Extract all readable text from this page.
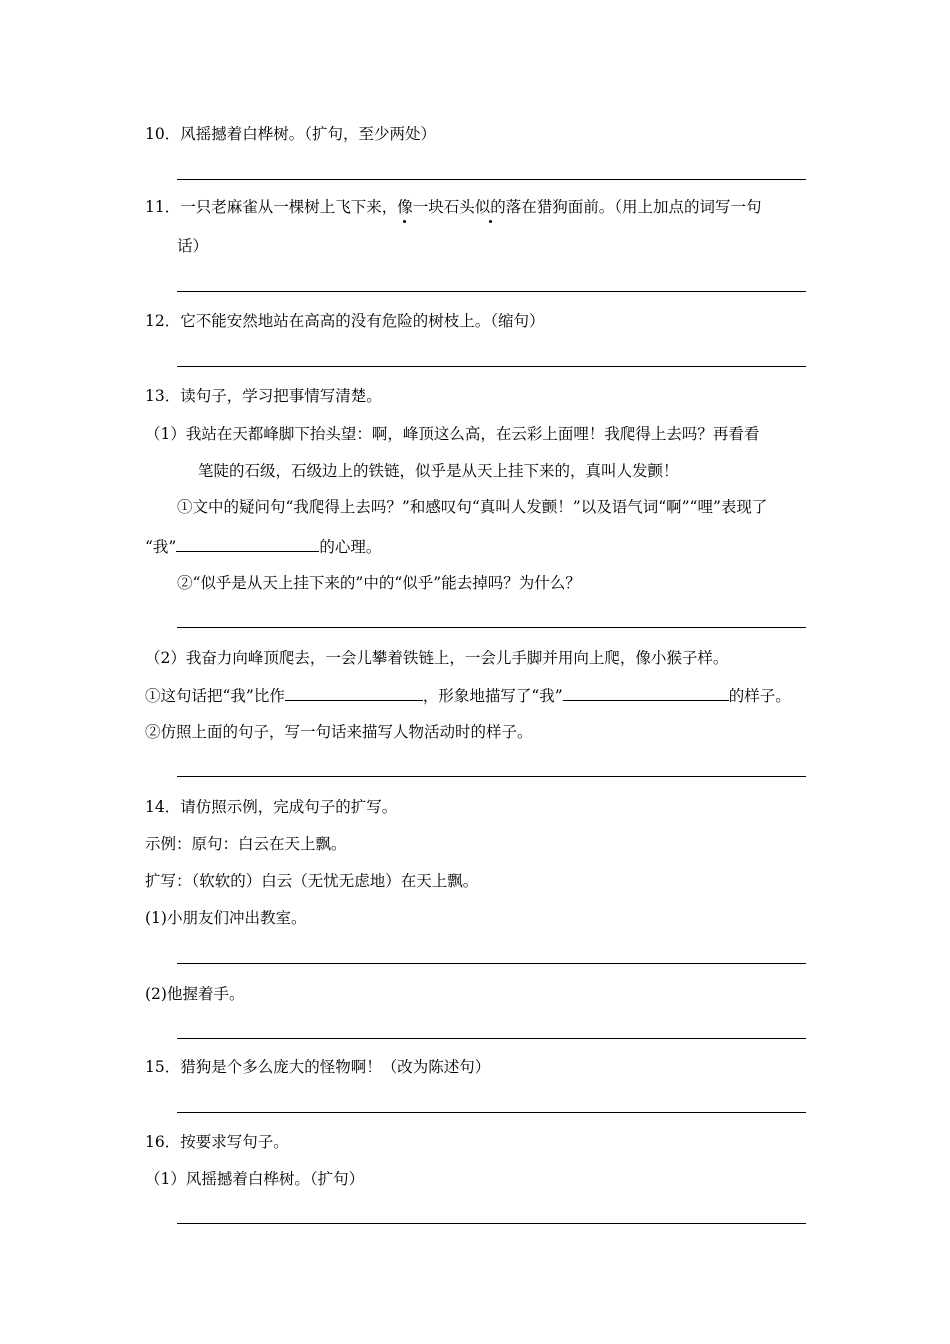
10．风摇撼着白桦树。（扩句，至少两处）
11．一只老麻雀从一棵树上飞下来，像一块石头似的落在猎狗面前。（用上加点的词写一句
话）
12．它不能安然地站在高高的没有危险的树枝上。（缩句）
13．读句子，学习把事情写清楚。
（1）我站在天都峰脚下抬头望：啊，峰顶这么高，在云彩上面哩！我爬得上去吗？再看看
笔陡的石级，石级边上的铁链，似乎是从天上挂下来的，真叫人发颤！
①文中的疑问句“我爬得上去吗？”和感叹句“真叫人发颤！”以及语气词“啊”“哩”表现了
“我”	的心理。
②“似乎是从天上挂下来的”中的“似乎”能去掉吗？为什么？
（2）我奋力向峰顶爬去，一会儿攀着铁链上，一会儿手脚并用向上爬，像小猴子样。
①这句话把“我”比作	，形象地描写了“我”	的样子。
②仿照上面的句子，写一句话来描写人物活动时的样子。
14．请仿照示例，完成句子的扩写。
示例：原句：白云在天上飘。
扩写：（软软的）白云（无忧无虑地）在天上飘。
(1)小朋友们冲出教室。
(2)他握着手。
15．猎狗是个多么庞大的怪物啊！（改为陈述句）
16．按要求写句子。
（1）风摇撼着白桦树。（扩句）
